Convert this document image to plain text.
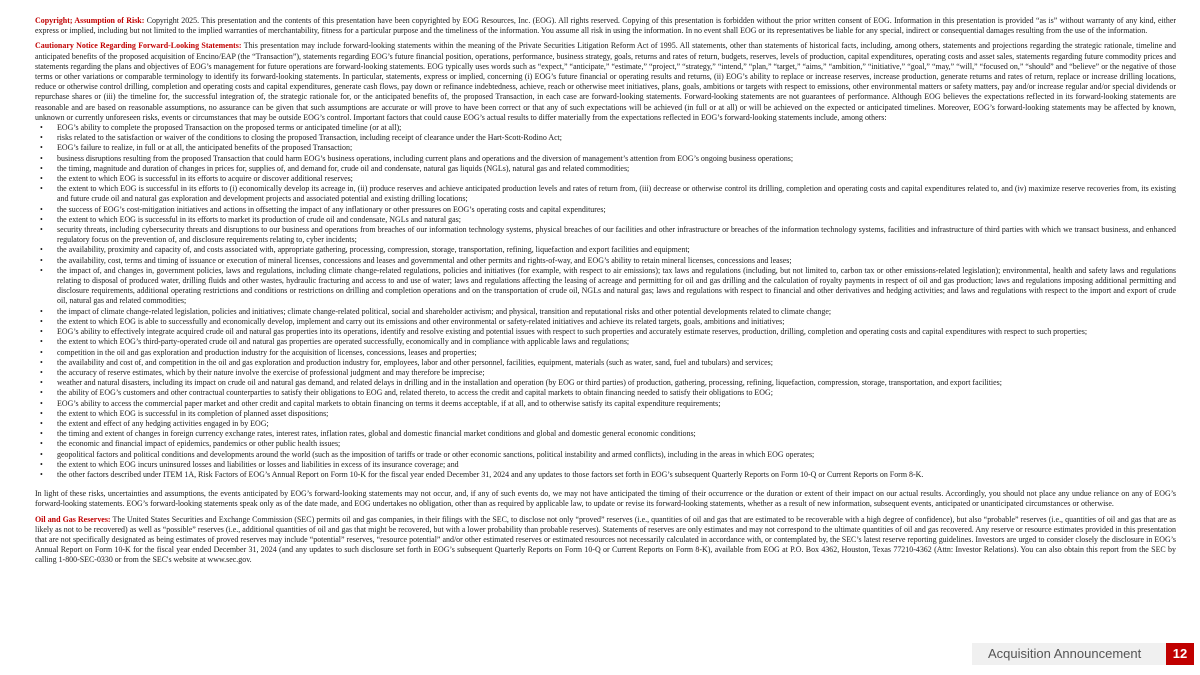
Copyright; Assumption of Risk: Copyright 2025. This presentation and the contents of this presentation have been copyrighted by EOG Resources, Inc. (EOG). All rights reserved. Copying of this presentation is forbidden without the prior written consent of EOG. Information in this presentation is provided “as is” without warranty of any kind, either express or implied, including but not limited to the implied warranties of merchantability, fitness for a particular purpose and the timeliness of the information. You assume all risk in using the information. In no event shall EOG or its representatives be liable for any special, indirect or consequential damages resulting from the use of the information.

Cautionary Notice Regarding Forward-Looking Statements: This presentation may include forward-looking statements within the meaning of the Private Securities Litigation Reform Act of 1995. All statements, other than statements of historical facts, including, among others, statements and projections regarding the strategic rationale, timeline and anticipated benefits of the proposed acquisition of Encino/EAP (the “Transaction”), statements regarding EOG’s future financial position, operations, performance, business strategy, goals, returns and rates of return, budgets, reserves, levels of production, capital expenditures, operating costs and asset sales, statements regarding future commodity prices and statements regarding the plans and objectives of EOG’s management for future operations are forward-looking statements. EOG typically uses words such as “expect,” “anticipate,” “estimate,” “project,” “strategy,” “intend,” “plan,” “target,” “aims,” “ambition,” “initiative,” “goal,” “may,” “will,” “focused on,” “should” and “believe” or the negative of those terms or other variations or comparable terminology to identify its forward-looking statements. In particular, statements, express or implied, concerning (i) EOG’s future financial or operating results and returns, (ii) EOG’s ability to replace or increase reserves, increase production, generate returns and rates of return, replace or increase drilling locations, reduce or otherwise control drilling, completion and operating costs and capital expenditures, generate cash flows, pay down or refinance indebtedness, achieve, reach or otherwise meet initiatives, plans, goals, ambitions or targets with respect to emissions, other environmental matters or safety matters, pay and/or increase regular and/or special dividends or repurchase shares or (iii) the timeline for, the successful integration of, the strategic rationale for, or the anticipated benefits of, the proposed Transaction, in each case are forward-looking statements. Forward-looking statements are not guarantees of performance. Although EOG believes the expectations reflected in its forward-looking statements are reasonable and are based on reasonable assumptions, no assurance can be given that such assumptions are accurate or will prove to have been correct or that any of such expectations will be achieved (in full or at all) or will be achieved on the expected or anticipated timelines. Moreover, EOG’s forward-looking statements may be affected by known, unknown or currently unforeseen risks, events or circumstances that may be outside EOG’s control. Important factors that could cause EOG’s actual results to differ materially from the expectations reflected in EOG’s forward-looking statements include, among others:

• EOG’s ability to complete the proposed Transaction on the proposed terms or anticipated timeline (or at all);
• risks related to the satisfaction or waiver of the conditions to closing the proposed Transaction, including receipt of clearance under the Hart-Scott-Rodino Act;
• EOG’s failure to realize, in full or at all, the anticipated benefits of the proposed Transaction;
• business disruptions resulting from the proposed Transaction that could harm EOG’s business operations, including current plans and operations and the diversion of management’s attention from EOG’s ongoing business operations;
• the timing, magnitude and duration of changes in prices for, supplies of, and demand for, crude oil and condensate, natural gas liquids (NGLs), natural gas and related commodities;
• the extent to which EOG is successful in its efforts to acquire or discover additional reserves;
• the extent to which EOG is successful in its efforts to (i) economically develop its acreage in, (ii) produce reserves and achieve anticipated production levels and rates of return from, (iii) decrease or otherwise control its drilling, completion and operating costs and capital expenditures related to, and (iv) maximize reserve recoveries from, its existing and future crude oil and natural gas exploration and development projects and associated potential and existing drilling locations;
• the success of EOG’s cost-mitigation initiatives and actions in offsetting the impact of any inflationary or other pressures on EOG’s operating costs and capital expenditures;
• the extent to which EOG is successful in its efforts to market its production of crude oil and condensate, NGLs and natural gas;
• security threats, including cybersecurity threats and disruptions to our business and operations from breaches of our information technology systems, physical breaches of our facilities and other infrastructure or breaches of the information technology systems, facilities and infrastructure of third parties with which we transact business, and enhanced regulatory focus on the prevention of, and disclosure requirements relating to, cyber incidents;
• the availability, proximity and capacity of, and costs associated with, appropriate gathering, processing, compression, storage, transportation, refining, liquefaction and export facilities and equipment;
• the availability, cost, terms and timing of issuance or execution of mineral licenses, concessions and leases and governmental and other permits and rights-of-way, and EOG’s ability to retain mineral licenses, concessions and leases;
• the impact of, and changes in, government policies, laws and regulations, including climate change-related regulations, policies and initiatives (for example, with respect to air emissions); tax laws and regulations (including, but not limited to, carbon tax or other emissions-related legislation); environmental, health and safety laws and regulations relating to disposal of produced water, drilling fluids and other wastes, hydraulic fracturing and access to and use of water; laws and regulations affecting the leasing of acreage and permitting for oil and gas drilling and the calculation of royalty payments in respect of oil and gas production; laws and regulations imposing additional permitting and disclosure requirements, additional operating restrictions and conditions or restrictions on drilling and completion operations and on the transportation of crude oil, NGLs and natural gas; laws and regulations with respect to financial and other derivatives and hedging activities; and laws and regulations with respect to the import and export of crude oil, natural gas and related commodities;
• the impact of climate change-related legislation, policies and initiatives; climate change-related political, social and shareholder activism; and physical, transition and reputational risks and other potential developments related to climate change;
• the extent to which EOG is able to successfully and economically develop, implement and carry out its emissions and other environmental or safety-related initiatives and achieve its related targets, goals, ambitions and initiatives;
• EOG’s ability to effectively integrate acquired crude oil and natural gas properties into its operations, identify and resolve existing and potential issues with respect to such properties and accurately estimate reserves, production, drilling, completion and operating costs and capital expenditures with respect to such properties;
• the extent to which EOG’s third-party-operated crude oil and natural gas properties are operated successfully, economically and in compliance with applicable laws and regulations;
• competition in the oil and gas exploration and production industry for the acquisition of licenses, concessions, leases and properties;
• the availability and cost of, and competition in the oil and gas exploration and production industry for, employees, labor and other personnel, facilities, equipment, materials (such as water, sand, fuel and tubulars) and services;
• the accuracy of reserve estimates, which by their nature involve the exercise of professional judgment and may therefore be imprecise;
• weather and natural disasters, including its impact on crude oil and natural gas demand, and related delays in drilling and in the installation and operation (by EOG or third parties) of production, gathering, processing, refining, liquefaction, compression, storage, transportation, and export facilities;
• the ability of EOG’s customers and other contractual counterparties to satisfy their obligations to EOG and, related thereto, to access the credit and capital markets to obtain financing needed to satisfy their obligations to EOG;
• EOG’s ability to access the commercial paper market and other credit and capital markets to obtain financing on terms it deems acceptable, if at all, and to otherwise satisfy its capital expenditure requirements;
• the extent to which EOG is successful in its completion of planned asset dispositions;
• the extent and effect of any hedging activities engaged in by EOG;
• the timing and extent of changes in foreign currency exchange rates, interest rates, inflation rates, global and domestic financial market conditions and global and domestic general economic conditions;
• the economic and financial impact of epidemics, pandemics or other public health issues;
• geopolitical factors and political conditions and developments around the world (such as the imposition of tariffs or trade or other economic sanctions, political instability and armed conflicts), including in the areas in which EOG operates;
• the extent to which EOG incurs uninsured losses and liabilities or losses and liabilities in excess of its insurance coverage; and
• the other factors described under ITEM 1A, Risk Factors of EOG’s Annual Report on Form 10-K for the fiscal year ended December 31, 2024 and any updates to those factors set forth in EOG’s subsequent Quarterly Reports on Form 10-Q or Current Reports on Form 8-K.

In light of these risks, uncertainties and assumptions, the events anticipated by EOG’s forward-looking statements may not occur, and, if any of such events do, we may not have anticipated the timing of their occurrence or the duration or extent of their impact on our actual results. Accordingly, you should not place any undue reliance on any of EOG’s forward-looking statements. EOG’s forward-looking statements speak only as of the date made, and EOG undertakes no obligation, other than as required by applicable law, to update or revise its forward-looking statements, whether as a result of new information, subsequent events, anticipated or unanticipated circumstances or otherwise.

Oil and Gas Reserves: The United States Securities and Exchange Commission (SEC) permits oil and gas companies, in their filings with the SEC, to disclose not only “proved” reserves (i.e., quantities of oil and gas that are estimated to be recoverable with a high degree of confidence), but also “probable” reserves (i.e., quantities of oil and gas that are as likely as not to be recovered) as well as “possible” reserves (i.e., additional quantities of oil and gas that might be recovered, but with a lower probability than probable reserves). Statements of reserves are only estimates and may not correspond to the ultimate quantities of oil and gas recovered. Any reserve or resource estimates provided in this presentation that are not specifically designated as being estimates of proved reserves may include “potential” reserves, “resource potential” and/or other estimated reserves or estimated resources not necessarily calculated in accordance with, or contemplated by, the SEC’s latest reserve reporting guidelines. Investors are urged to consider closely the disclosure in EOG’s Annual Report on Form 10-K for the fiscal year ended December 31, 2024 (and any updates to such disclosure set forth in EOG’s subsequent Quarterly Reports on Form 10-Q or Current Reports on Form 8-K), available from EOG at P.O. Box 4362, Houston, Texas 77210-4362 (Attn: Investor Relations). You can also obtain this report from the SEC by calling 1-800-SEC-0330 or from the SEC's website at www.sec.gov.

Acquisition Announcement	12
